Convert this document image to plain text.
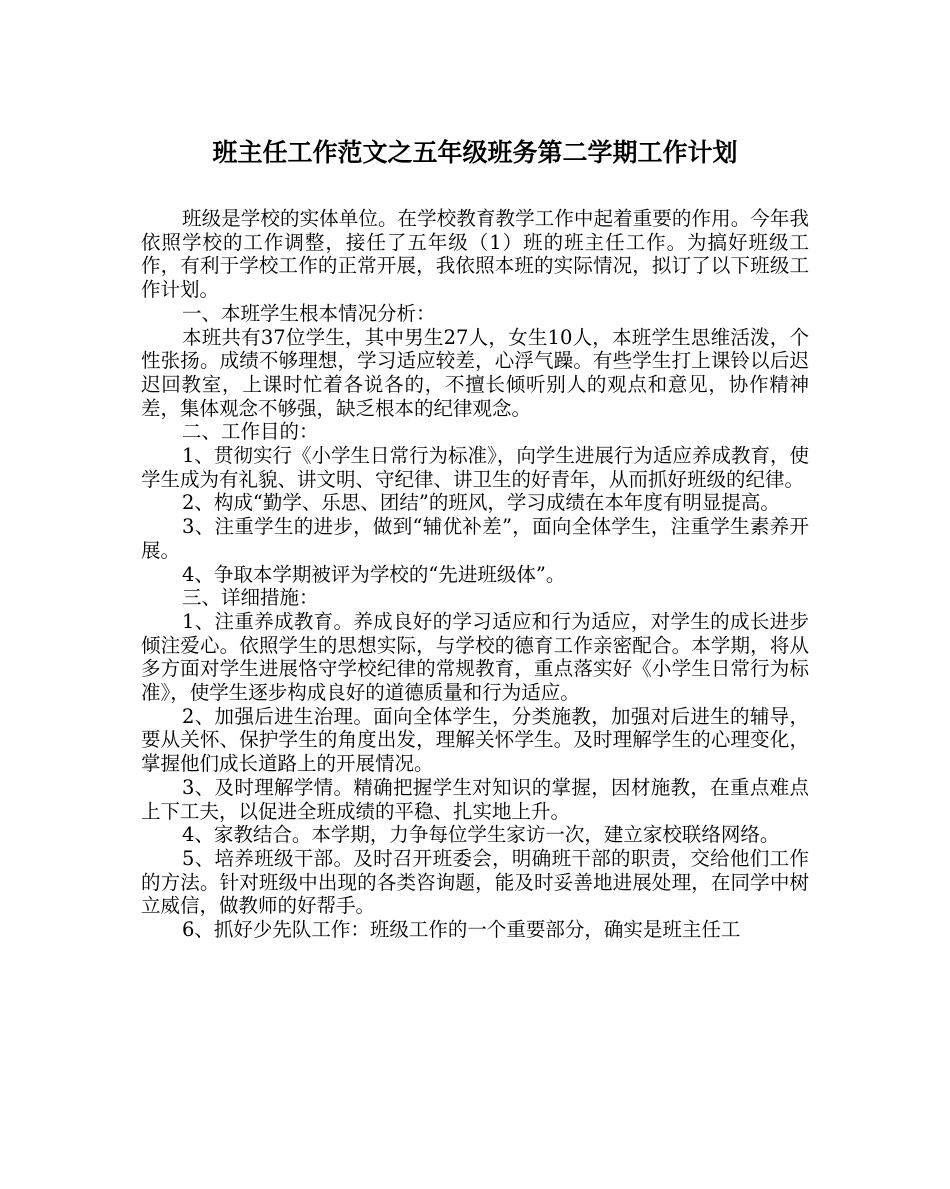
班主任工作范文之五年级班务第二学期工作计划

班级是学校的实体单位。在学校教育教学工作中起着重要的作用。今年我依照学校的工作调整，接任了五年级（1）班的班主任工作。为搞好班级工作，有利于学校工作的正常开展，我依照本班的实际情况，拟订了以下班级工作计划。

一、本班学生根本情况分析：

本班共有37位学生，其中男生27人，女生10人，本班学生思维活泼，个性张扬。成绩不够理想，学习适应较差，心浮气躁。有些学生打上课铃以后迟迟回教室，上课时忙着各说各的，不擅长倾听别人的观点和意见，协作精神差，集体观念不够强，缺乏根本的纪律观念。

二、工作目的：

1、贯彻实行《小学生日常行为标准》，向学生进展行为适应养成教育，使学生成为有礼貌、讲文明、守纪律、讲卫生的好青年，从而抓好班级的纪律。

2、构成“勤学、乐思、团结”的班风，学习成绩在本年度有明显提高。

3、注重学生的进步，做到“辅优补差”，面向全体学生，注重学生素养开展。

4、争取本学期被评为学校的“先进班级体”。

三、详细措施：

1、注重养成教育。养成良好的学习适应和行为适应，对学生的成长进步倾注爱心。依照学生的思想实际，与学校的德育工作亲密配合。本学期，将从多方面对学生进展恪守学校纪律的常规教育，重点落实好《小学生日常行为标准》，使学生逐步构成良好的道德质量和行为适应。

2、加强后进生治理。面向全体学生，分类施教，加强对后进生的辅导，要从关怀、保护学生的角度出发，理解关怀学生。及时理解学生的心理变化，掌握他们成长道路上的开展情况。

3、及时理解学情。精确把握学生对知识的掌握，因材施教，在重点难点上下工夫，以促进全班成绩的平稳、扎实地上升。

4、家教结合。本学期，力争每位学生家访一次，建立家校联络网络。

5、培养班级干部。及时召开班委会，明确班干部的职责，交给他们工作的方法。针对班级中出现的各类咨询题，能及时妥善地进展处理，在同学中树立威信，做教师的好帮手。

6、抓好少先队工作：班级工作的一个重要部分，确实是班主任工
